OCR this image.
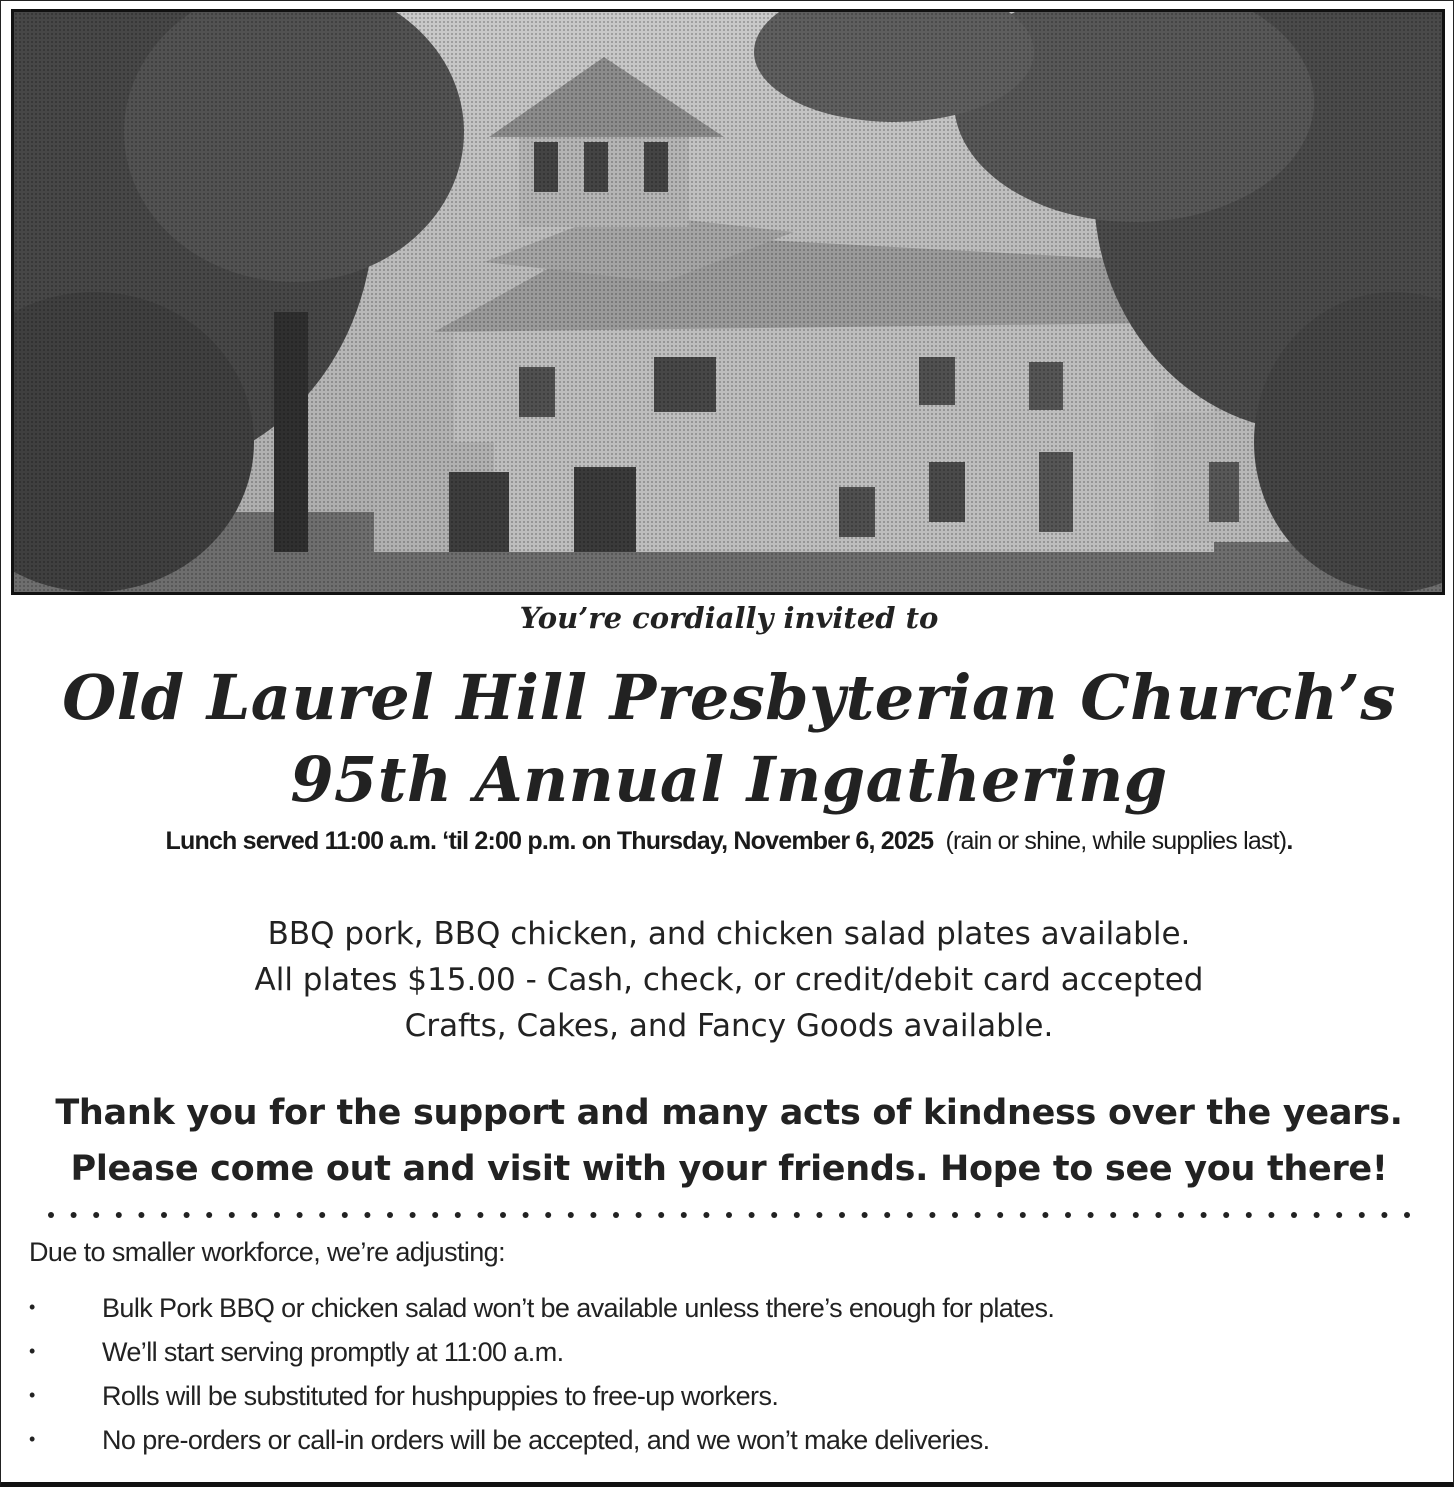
You’re cordially invited to
Old Laurel Hill Presbyterian Church’s
95th Annual Ingathering
Lunch served 11:00 a.m. ‘til 2:00 p.m. on Thursday, November 6, 2025 (rain or shine, while supplies last).
BBQ pork, BBQ chicken, and chicken salad plates available.
All plates $15.00 - Cash, check, or credit/debit card accepted
Crafts, Cakes, and Fancy Goods available.
Thank you for the support and many acts of kindness over the years.
Please come out and visit with your friends. Hope to see you there!
Due to smaller workforce, we’re adjusting:
• Bulk Pork BBQ or chicken salad won’t be available unless there’s enough for plates.
• We’ll start serving promptly at 11:00 a.m.
• Rolls will be substituted for hushpuppies to free-up workers.
• No pre-orders or call-in orders will be accepted, and we won’t make deliveries.
